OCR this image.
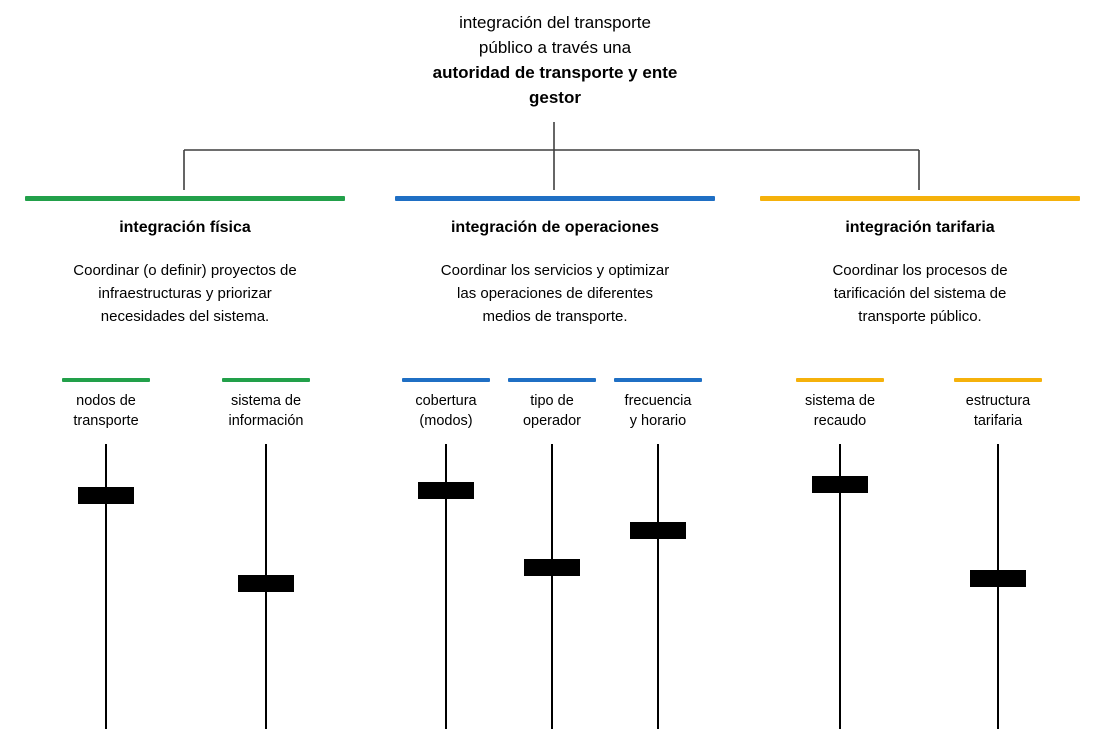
integración del transporte
público a través una
autoridad de transporte y ente
gestor
integración física
Coordinar (o definir) proyectos de
infraestructuras y priorizar
necesidades del sistema.
integración de operaciones
Coordinar los servicios y optimizar
las operaciones de diferentes
medios de transporte.
integración tarifaria
Coordinar los procesos de
tarificación del sistema de
transporte público.
nodos de
transporte
sistema de
información
cobertura
(modos)
tipo de
operador
frecuencia
y horario
sistema de
recaudo
estructura
tarifaria
